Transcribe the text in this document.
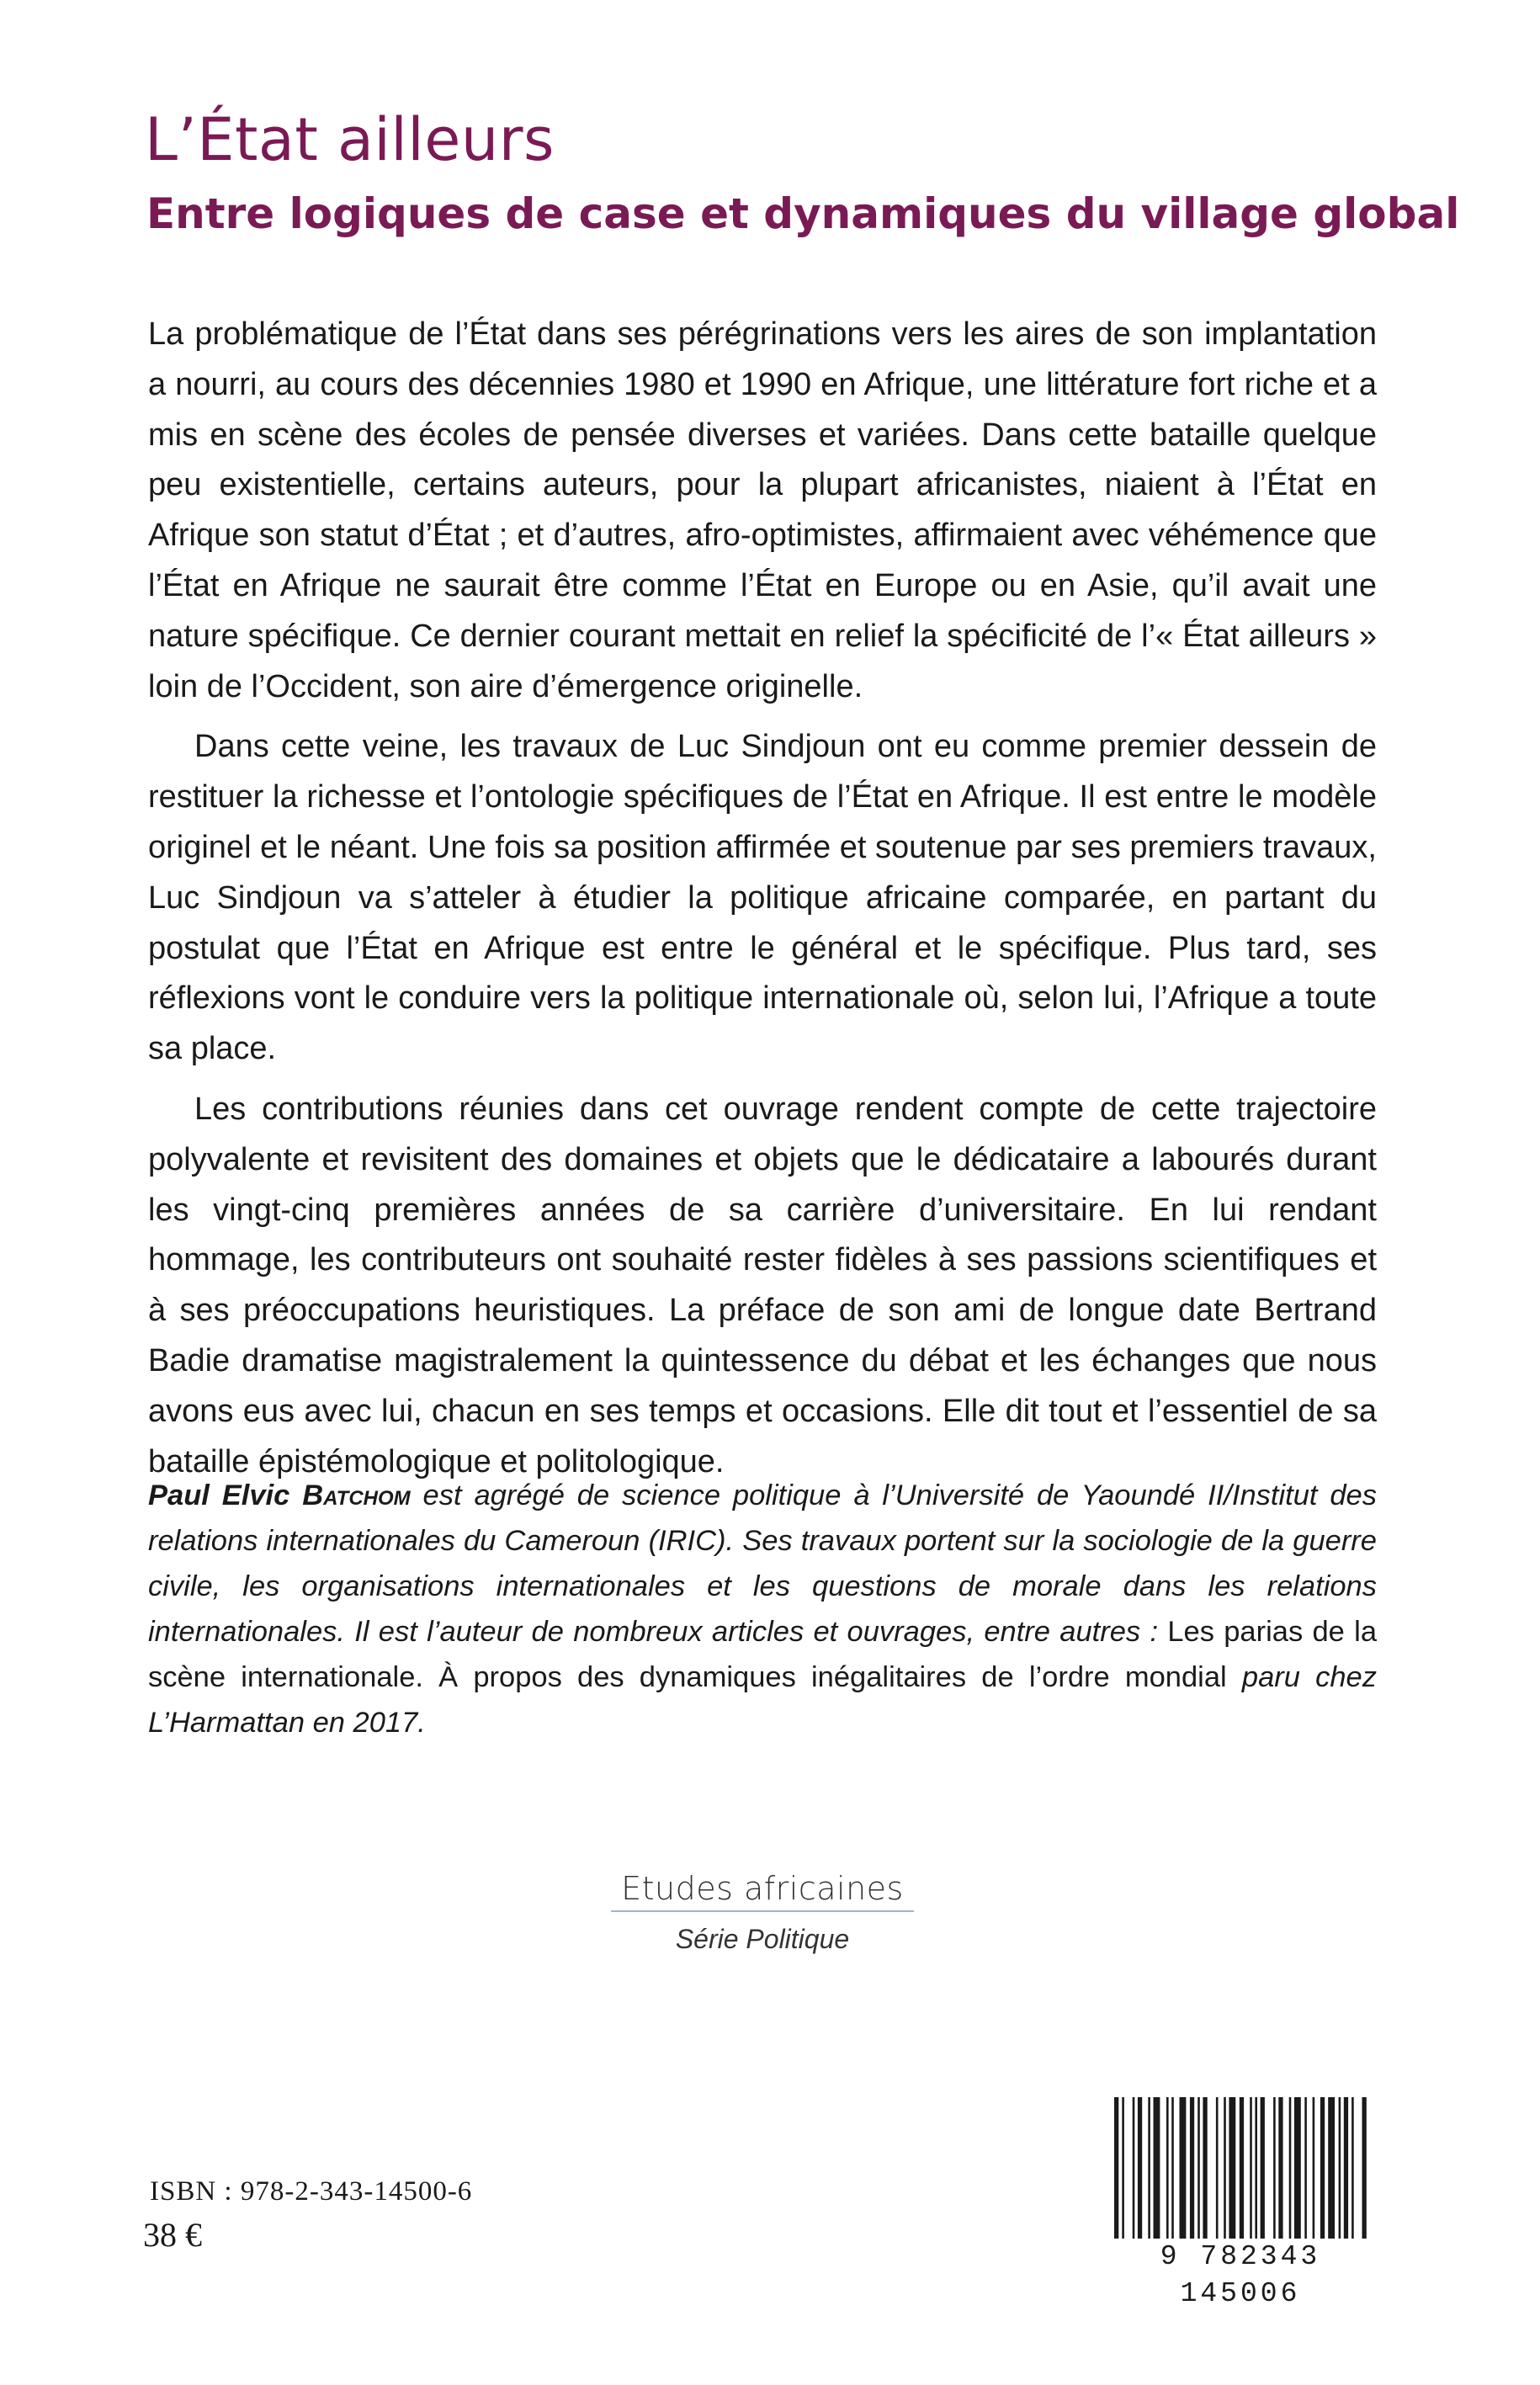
L’État ailleurs
Entre logiques de case et dynamiques du village global

La problématique de l’État dans ses pérégrinations vers les aires de son implantation a nourri, au cours des décennies 1980 et 1990 en Afrique, une littérature fort riche et a mis en scène des écoles de pensée diverses et variées. Dans cette bataille quelque peu existentielle, certains auteurs, pour la plupart africanistes, niaient à l’État en Afrique son statut d’État ; et d’autres, afro-optimistes, affirmaient avec véhémence que l’État en Afrique ne saurait être comme l’État en Europe ou en Asie, qu’il avait une nature spécifique. Ce dernier courant mettait en relief la spécificité de l’« État ailleurs » loin de l’Occident, son aire d’émergence originelle.

Dans cette veine, les travaux de Luc Sindjoun ont eu comme premier dessein de restituer la richesse et l’ontologie spécifiques de l’État en Afrique. Il est entre le modèle originel et le néant. Une fois sa position affirmée et soutenue par ses premiers travaux, Luc Sindjoun va s’atteler à étudier la politique africaine comparée, en partant du postulat que l’État en Afrique est entre le général et le spécifique. Plus tard, ses réflexions vont le conduire vers la politique internationale où, selon lui, l’Afrique a toute sa place.

Les contributions réunies dans cet ouvrage rendent compte de cette trajectoire polyvalente et revisitent des domaines et objets que le dédicataire a labourés durant les vingt-cinq premières années de sa carrière d’universitaire. En lui rendant hommage, les contributeurs ont souhaité rester fidèles à ses passions scientifiques et à ses préoccupations heuristiques. La préface de son ami de longue date Bertrand Badie dramatise magistralement la quintessence du débat et les échanges que nous avons eus avec lui, chacun en ses temps et occasions. Elle dit tout et l’essentiel de sa bataille épistémologique et politologique.

Paul Elvic Batchom est agrégé de science politique à l’Université de Yaoundé II/Institut des relations internationales du Cameroun (IRIC). Ses travaux portent sur la sociologie de la guerre civile, les organisations internationales et les questions de morale dans les relations internationales. Il est l’auteur de nombreux articles et ouvrages, entre autres : Les parias de la scène internationale. À propos des dynamiques inégalitaires de l’ordre mondial paru chez L’Harmattan en 2017.

Etudes africaines
Série Politique
ISBN : 978-2-343-14500-6
38 €
9 782343 145006
